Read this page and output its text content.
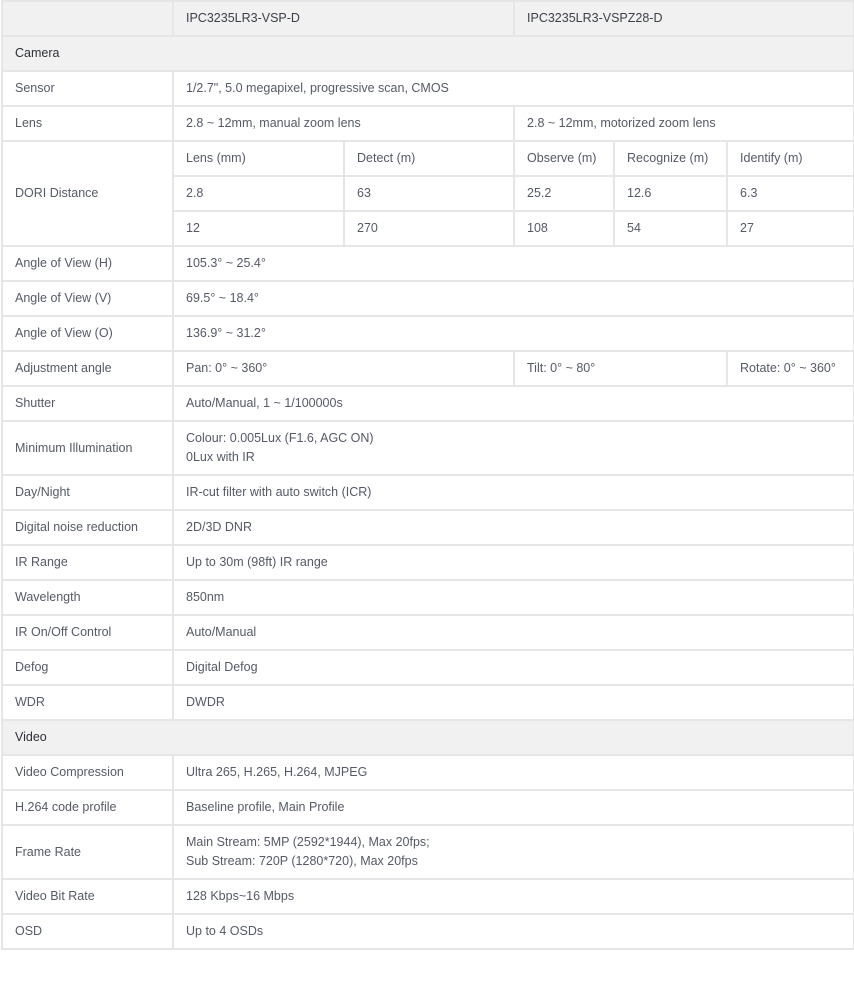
	IPC3235LR3-VSP-D		IPC3235LR3-VSPZ28-D		
Camera					
Sensor	1/2.7", 5.0 megapixel, progressive scan, CMOS				
Lens	2.8 ~ 12mm, manual zoom lens		2.8 ~ 12mm, motorized zoom lens		
DORI Distance	Lens (mm)	Detect (m)	Observe (m)	Recognize (m)	Identify (m)
	2.8	63	25.2	12.6	6.3
	12	270	108	54	27
Angle of View (H)	105.3° ~ 25.4°				
Angle of View (V)	69.5° ~ 18.4°				
Angle of View (O)	136.9° ~ 31.2°				
Adjustment angle	Pan: 0° ~ 360°		Tilt: 0° ~ 80°		Rotate: 0° ~ 360°
Shutter	Auto/Manual, 1 ~ 1/100000s				
Minimum Illumination	Colour: 0.005Lux (F1.6, AGC ON)
0Lux with IR				

Day/Night	IR-cut filter with auto switch (ICR)				
Digital noise reduction	2D/3D DNR				
IR Range	Up to 30m (98ft) IR range				
Wavelength	850nm				
IR On/Off Control	Auto/Manual				
Defog	Digital Defog				
WDR	DWDR				
Video					
Video Compression	Ultra 265, H.265, H.264, MJPEG				
H.264 code profile	Baseline profile, Main Profile				
Frame Rate	Main Stream: 5MP (2592*1944), Max 20fps;
Sub Stream: 720P (1280*720), Max 20fps				

Video Bit Rate	128 Kbps~16 Mbps				
OSD	Up to 4 OSDs				
